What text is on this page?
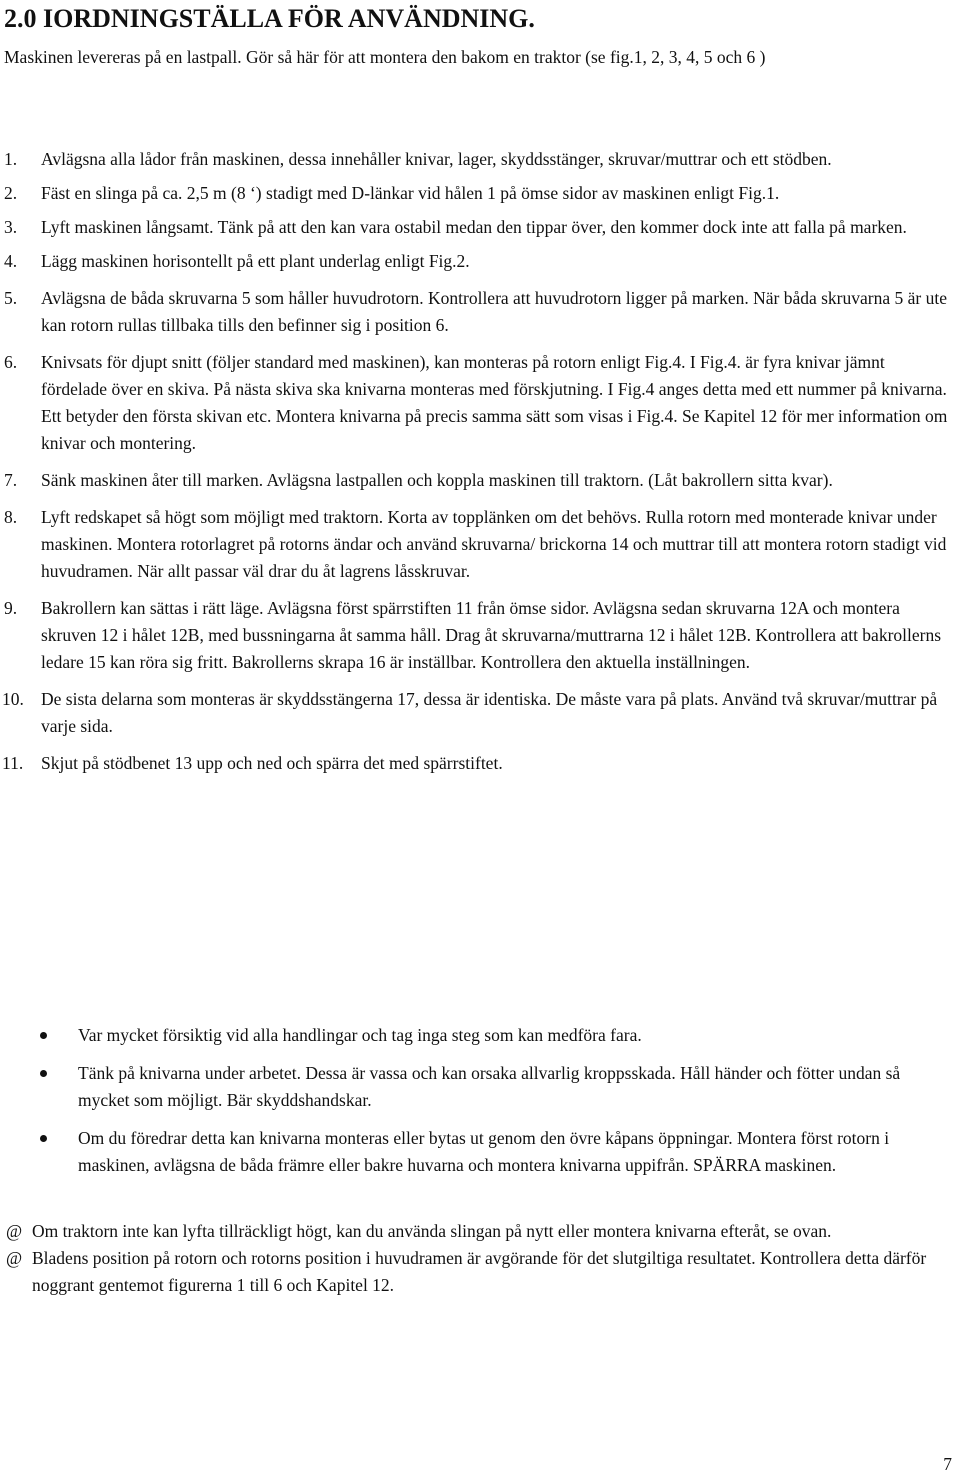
2.0 IORDNINGSTÄLLA FÖR ANVÄNDNING.

Maskinen levereras på en lastpall. Gör så här för att montera den bakom en traktor (se fig.1, 2, 3, 4, 5 och 6 )

1. Avlägsna alla lådor från maskinen, dessa innehåller knivar, lager, skyddsstänger, skruvar/muttrar och ett stödben.
2. Fäst en slinga på ca. 2,5 m (8 ‘) stadigt med D-länkar vid hålen 1 på ömse sidor av maskinen enligt Fig.1.
3. Lyft maskinen långsamt. Tänk på att den kan vara ostabil medan den tippar över, den kommer dock inte att falla på marken.
4. Lägg maskinen horisontellt på ett plant underlag enligt Fig.2.
5. Avlägsna de båda skruvarna 5 som håller huvudrotorn. Kontrollera att huvudrotorn ligger på marken. När båda skruvarna 5 är ute kan rotorn rullas tillbaka tills den befinner sig i position 6.
6. Knivsats för djupt snitt (följer standard med maskinen), kan monteras på rotorn enligt Fig.4. I Fig.4. är fyra knivar jämnt fördelade över en skiva. På nästa skiva ska knivarna monteras med förskjutning. I Fig.4 anges detta med ett nummer på knivarna. Ett betyder den första skivan etc. Montera knivarna på precis samma sätt som visas i Fig.4. Se Kapitel 12 för mer information om knivar och montering.
7. Sänk maskinen åter till marken. Avlägsna lastpallen och koppla maskinen till traktorn. (Låt bakrollern sitta kvar).
8. Lyft redskapet så högt som möjligt med traktorn. Korta av topplänken om det behövs. Rulla rotorn med monterade knivar under maskinen. Montera rotorlagret på rotorns ändar och använd skruvarna/ brickorna 14 och muttrar till att montera rotorn stadigt vid huvudramen. När allt passar väl drar du åt lagrens låsskruvar.
9. Bakrollern kan sättas i rätt läge. Avlägsna först spärrstiften 11 från ömse sidor. Avlägsna sedan skruvarna 12A och montera skruven 12 i hålet 12B, med bussningarna åt samma håll. Drag åt skruvarna/muttrarna 12 i hålet 12B. Kontrollera att bakrollerns ledare 15 kan röra sig fritt. Bakrollerns skrapa 16 är inställbar. Kontrollera den aktuella inställningen.
10. De sista delarna som monteras är skyddsstängerna 17, dessa är identiska. De måste vara på plats. Använd två skruvar/muttrar på varje sida.
11. Skjut på stödbenet 13 upp och ned och spärra det med spärrstiftet.
Var mycket försiktig vid alla handlingar och tag inga steg som kan medföra fara.
Tänk på knivarna under arbetet. Dessa är vassa och kan orsaka allvarlig kroppsskada. Håll händer och fötter undan så mycket som möjligt. Bär skyddshandskar.
Om du föredrar detta kan knivarna monteras eller bytas ut genom den övre kåpans öppningar. Montera först rotorn i maskinen, avlägsna de båda främre eller bakre huvarna och montera knivarna uppifrån. SPÄRRA maskinen.
@ Om traktorn inte kan lyfta tillräckligt högt, kan du använda slingan på nytt eller montera knivarna efteråt, se ovan.
@ Bladens position på rotorn och rotorns position i huvudramen är avgörande för det slutgiltiga resultatet. Kontrollera detta därför noggrant gentemot figurerna 1 till 6 och Kapitel 12.
7
